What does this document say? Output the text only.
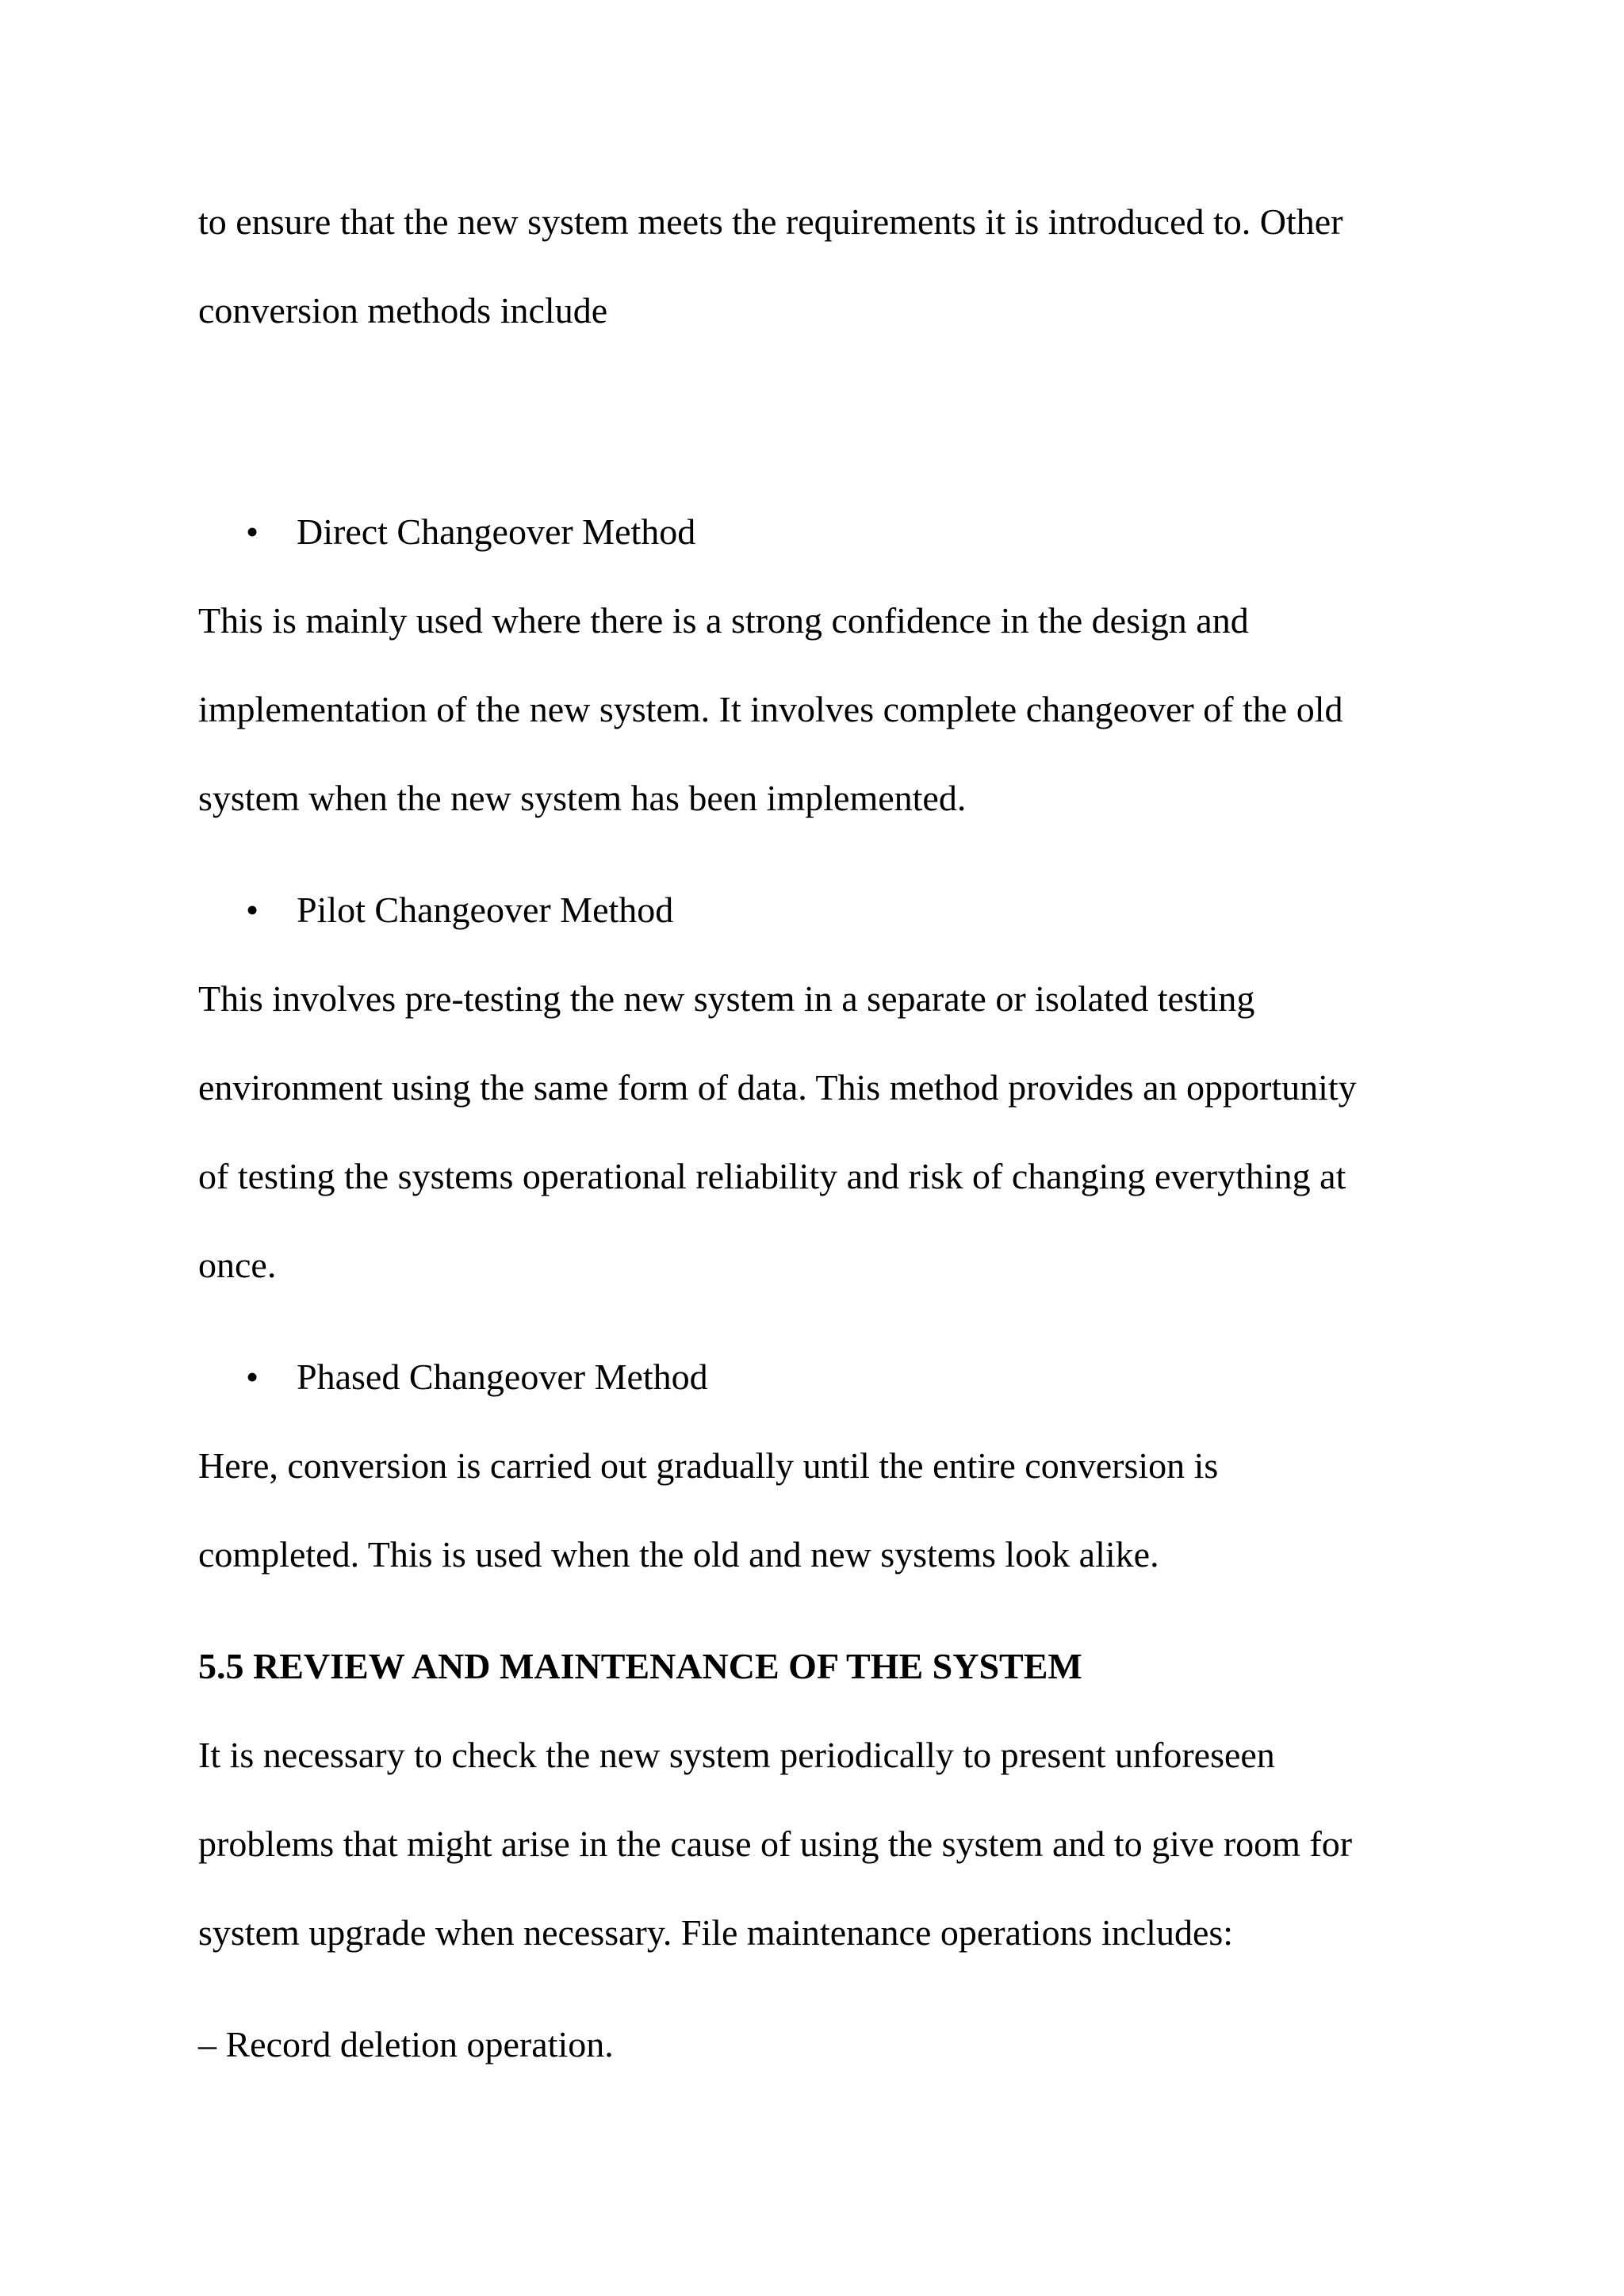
to ensure that the new system meets the requirements it is introduced to. Other
conversion methods include
• Direct Changeover Method
This is mainly used where there is a strong confidence in the design and
implementation of the new system. It involves complete changeover of the old
system when the new system has been implemented.
• Pilot Changeover Method
This involves pre-testing the new system in a separate or isolated testing
environment using the same form of data. This method provides an opportunity
of testing the systems operational reliability and risk of changing everything at
once.
• Phased Changeover Method
Here, conversion is carried out gradually until the entire conversion is
completed. This is used when the old and new systems look alike.
5.5 REVIEW AND MAINTENANCE OF THE SYSTEM
It is necessary to check the new system periodically to present unforeseen
problems that might arise in the cause of using the system and to give room for
system upgrade when necessary. File maintenance operations includes:
– Record deletion operation.
